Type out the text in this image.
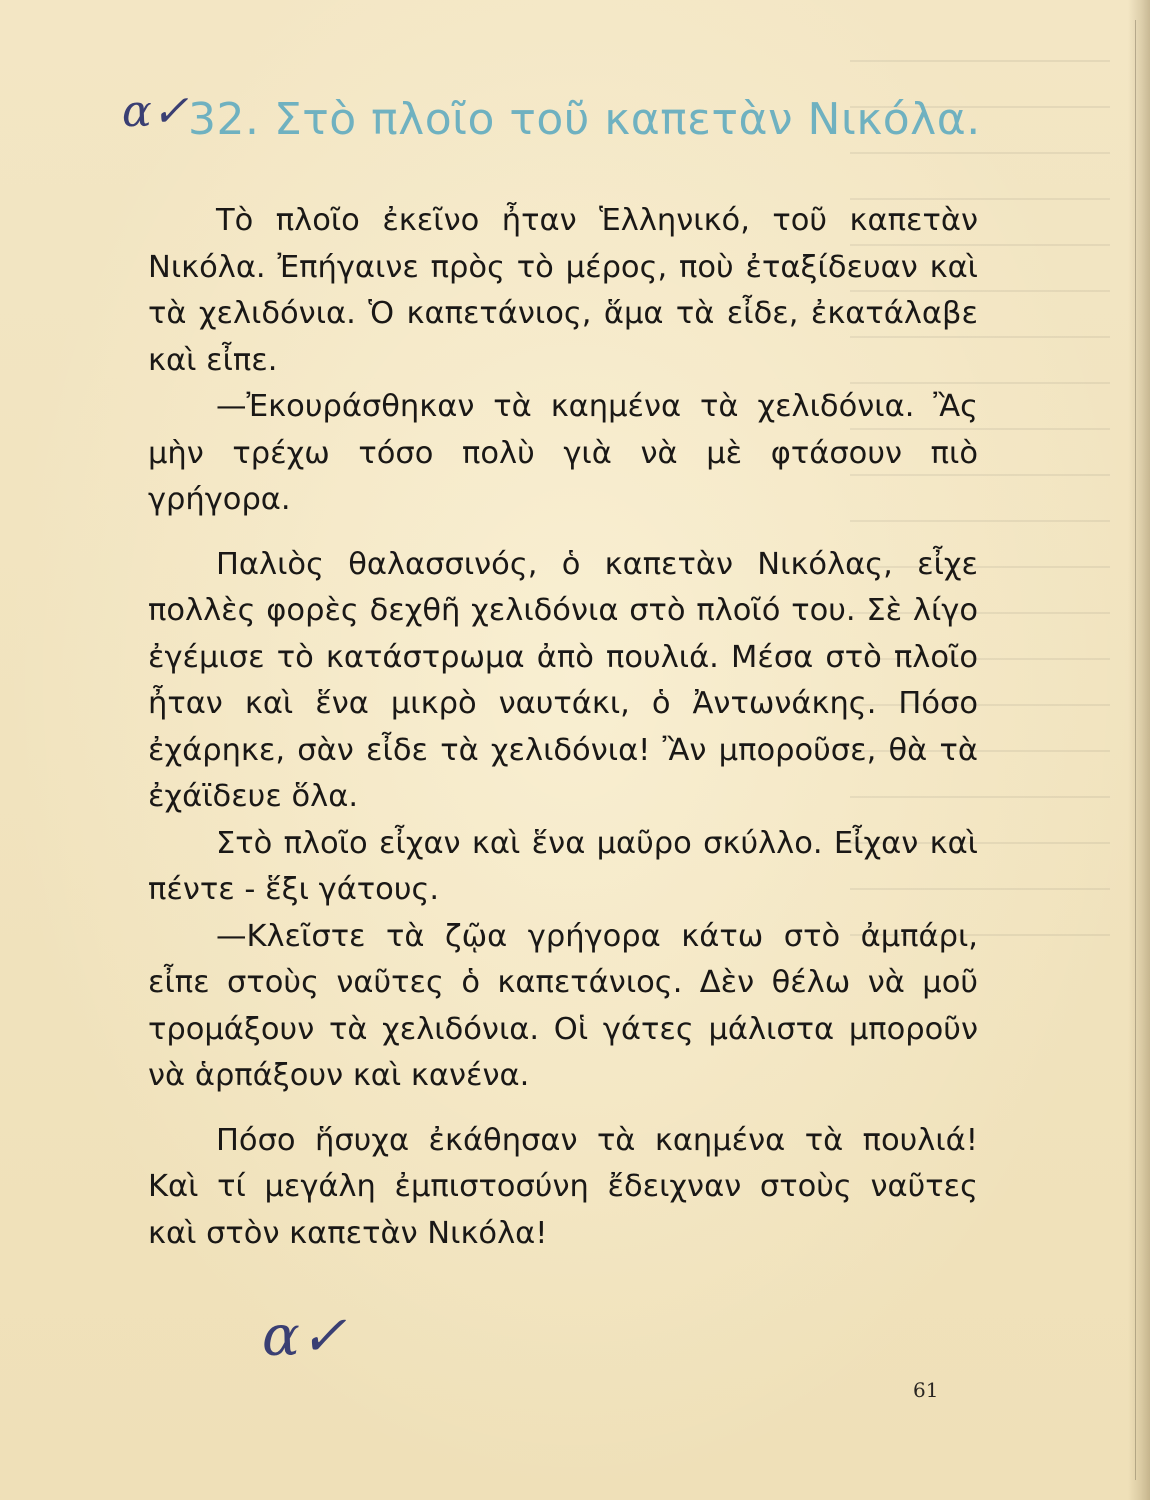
α✓ 32. Στὸ πλοῖο τοῦ καπετὰν Νικόλα.

Τὸ πλοῖο ἐκεῖνο ἦταν Ἑλληνικό, τοῦ καπετὰν Νικόλα. Ἐπήγαινε πρὸς τὸ μέρος, ποὺ ἐταξίδευαν καὶ τὰ χελιδόνια. Ὁ καπετάνιος, ἅμα τὰ εἶδε, ἐκατάλαβε καὶ εἶπε.

—Ἐκουράσθηκαν τὰ καημένα τὰ χελιδόνια. Ἂς μὴν τρέχω τόσο πολὺ γιὰ νὰ μὲ φτάσουν πιὸ γρήγορα.

Παλιὸς θαλασσινός, ὁ καπετὰν Νικόλας, εἶχε πολλὲς φορὲς δεχθῆ χελιδόνια στὸ πλοῖό του. Σὲ λίγο ἐγέμισε τὸ κατάστρωμα ἀπὸ πουλιά. Μέσα στὸ πλοῖο ἦταν καὶ ἕνα μικρὸ ναυτάκι, ὁ Ἀντωνάκης. Πόσο ἐχάρηκε, σὰν εἶδε τὰ χελιδόνια! Ἂν μποροῦσε, θὰ τὰ ἐχάϊδευε ὅλα.

Στὸ πλοῖο εἶχαν καὶ ἕνα μαῦρο σκύλλο. Εἶχαν καὶ πέντε - ἕξι γάτους.

—Κλεῖστε τὰ ζῷα γρήγορα κάτω στὸ ἀμπάρι, εἶπε στοὺς ναῦτες ὁ καπετάνιος. Δὲν θέλω νὰ μοῦ τρομάξουν τὰ χελιδόνια. Οἱ γάτες μάλιστα μποροῦν νὰ ἁρπάξουν καὶ κανένα.

Πόσο ἥσυχα ἐκάθησαν τὰ καημένα τὰ πουλιά! Καὶ τί μεγάλη ἐμπιστοσύνη ἔδειχναν στοὺς ναῦτες καὶ στὸν καπετὰν Νικόλα!

α✓
61
